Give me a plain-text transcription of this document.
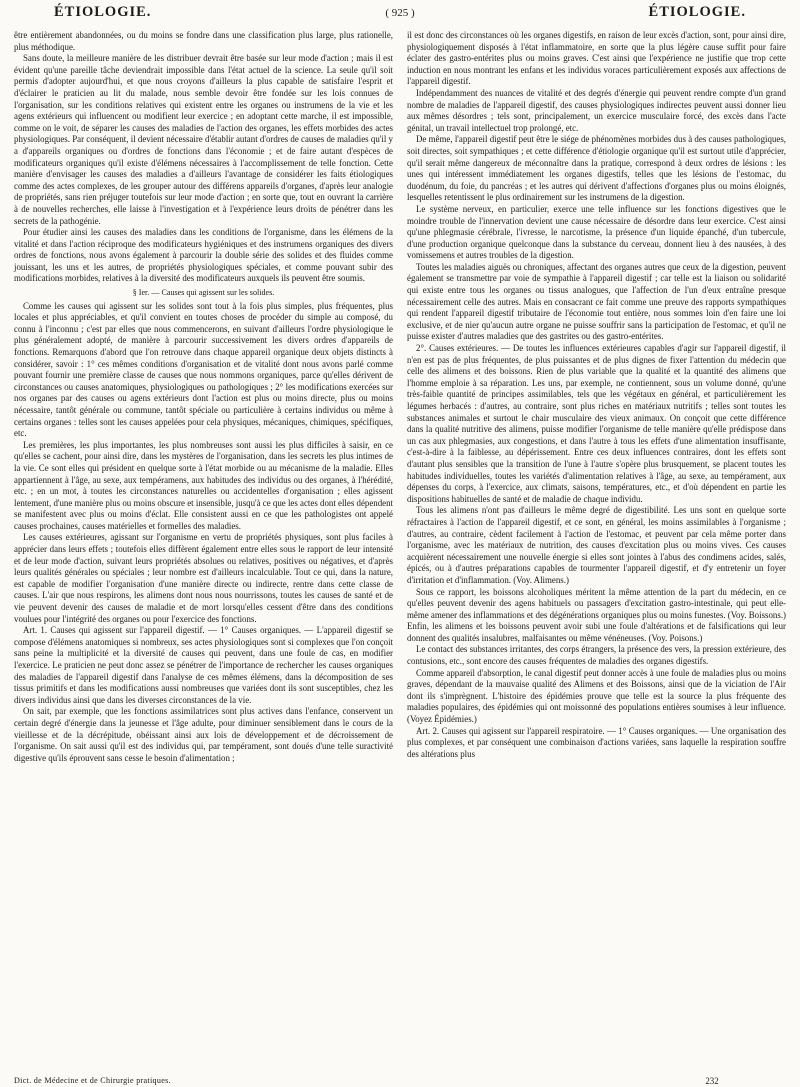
ÉTIOLOGIE.	( 925 )	ÉTIOLOGIE.

être entièrement abandonnées, ou du moins se fondre dans une classification plus large, plus rationelle, plus méthodique.

Sans doute, la meilleure manière de les distribuer devrait être basée sur leur mode d'action ; mais il est évident qu'une pareille tâche deviendrait impossible dans l'état actuel de la science. La seule qu'il soit permis d'adopter aujourd'hui, et que nous croyons d'ailleurs la plus capable de satisfaire l'esprit et d'éclairer le praticien au lit du malade, nous semble devoir être fondée sur les lois connues de l'organisation, sur les conditions relatives qui existent entre les organes ou instrumens de la vie et les agens extérieurs qui influencent ou modifient leur exercice ; en adoptant cette marche, il est impossible, comme on le voit, de séparer les causes des maladies de l'action des organes, les effets morbides des actes physiologiques. Par conséquent, il devient nécessaire d'établir autant d'ordres de causes de maladies qu'il y a d'appareils organiques ou d'ordres de fonctions dans l'économie ; et de faire autant d'espèces de modificateurs organiques qu'il existe d'élémens nécessaires à l'accomplissement de telle fonction. Cette manière d'envisager les causes des maladies a d'ailleurs l'avantage de considérer les faits étiologiques comme des actes complexes, de les grouper autour des différens appareils d'organes, d'après leur analogie de propriétés, sans rien préjuger toutefois sur leur mode d'action ; en sorte que, tout en ouvrant la carrière à de nouvelles recherches, elle laisse à l'investigation et à l'expérience leurs droits de pénétrer dans les secrets de la pathogénie.

Pour étudier ainsi les causes des maladies dans les conditions de l'organisme, dans les élémens de la vitalité et dans l'action réciproque des modificateurs hygiéniques et des instrumens organiques des divers ordres de fonctions, nous avons également à parcourir la double série des solides et des fluides comme jouissant, les uns et les autres, de propriétés physiologiques spéciales, et comme pouvant subir des modifications morbides, relatives à la diversité des modificateurs auxquels ils peuvent être soumis.

§ Ier. — Causes qui agissent sur les solides.

Comme les causes qui agissent sur les solides sont tout à la fois plus simples, plus fréquentes, plus locales et plus appréciables, et qu'il convient en toutes choses de procéder du simple au composé, du connu à l'inconnu ; c'est par elles que nous commencerons, en suivant d'ailleurs l'ordre physiologique le plus généralement adopté, de manière à parcourir successivement les divers ordres d'appareils de fonctions. Remarquons d'abord que l'on retrouve dans chaque appareil organique deux objets distincts à considérer, savoir : 1° ces mêmes conditions d'organisation et de vitalité dont nous avons parlé comme pouvant fournir une première classe de causes que nous nommons organiques, parce qu'elles dérivent de circonstances ou causes anatomiques, physiologiques ou pathologiques ; 2° les modifications exercées sur nos organes par des causes ou agens extérieurs dont l'action est plus ou moins directe, plus ou moins nécessaire, tantôt générale ou commune, tantôt spéciale ou particulière à certains individus ou même à certains organes : telles sont les causes appelées pour cela physiques, mécaniques, chimiques, spécifiques, etc.

Les premières, les plus importantes, les plus nombreuses sont aussi les plus difficiles à saisir, en ce qu'elles se cachent, pour ainsi dire, dans les mystères de l'organisation, dans les secrets les plus intimes de la vie. Ce sont elles qui président en quelque sorte à l'état morbide ou au mécanisme de la maladie. Elles appartiennent à l'âge, au sexe, aux tempéramens, aux habitudes des individus ou des organes, à l'hérédité, etc. ; en un mot, à toutes les circonstances naturelles ou accidentelles d'organisation ; elles agissent lentement, d'une manière plus ou moins obscure et insensible, jusqu'à ce que les actes dont elles dépendent se manifestent avec plus ou moins d'éclat. Elle consistent aussi en ce que les pathologistes ont appelé causes prochaines, causes matérielles et formelles des maladies.

Les causes extérieures, agissant sur l'organisme en vertu de propriétés physiques, sont plus faciles à apprécier dans leurs effets ; toutefois elles diffèrent également entre elles sous le rapport de leur intensité et de leur mode d'action, suivant leurs propriétés absolues ou relatives, positives ou négatives, et d'après leurs qualités générales ou spéciales ; leur nombre est d'ailleurs incalculable. Tout ce qui, dans la nature, est capable de modifier l'organisation d'une manière directe ou indirecte, rentre dans cette classe de causes. L'air que nous respirons, les alimens dont nous nous nourrissons, toutes les causes de santé et de vie peuvent devenir des causes de maladie et de mort lorsqu'elles cessent d'être dans des conditions voulues pour l'intégrité des organes ou pour l'exercice des fonctions.

Art. 1. Causes qui agissent sur l'appareil digestif. — 1° Causes organiques. — L'appareil digestif se compose d'élémens anatomiques si nombreux, ses actes physiologiques sont si complexes que l'on conçoit sans peine la multiplicité et la diversité de causes qui peuvent, dans une foule de cas, en modifier l'exercice. Le praticien ne peut donc assez se pénétrer de l'importance de rechercher les causes organiques des maladies de l'appareil digestif dans l'analyse de ces mêmes élémens, dans la décomposition de ses tissus primitifs et dans les modifications aussi nombreuses que variées dont ils sont susceptibles, chez les divers individus ainsi que dans les diverses circonstances de la vie.

On sait, par exemple, que les fonctions assimilatrices sont plus actives dans l'enfance, conservent un certain degré d'énergie dans la jeunesse et l'âge adulte, pour diminuer sensiblement dans le cours de la vieillesse et de la décrépitude, obéissant ainsi aux lois de développement et de décroissement de l'organisme. On sait aussi qu'il est des individus qui, par tempérament, sont doués d'une telle suractivité digestive qu'ils éprouvent sans cesse le besoin d'alimentation ;

il est donc des circonstances où les organes digestifs, en raison de leur excès d'action, sont, pour ainsi dire, physiologiquement disposés à l'état inflammatoire, en sorte que la plus légère cause suffit pour faire éclater des gastro-entérites plus ou moins graves. C'est ainsi que l'expérience ne justifie que trop cette induction en nous montrant les enfans et les individus voraces particulièrement exposés aux affections de l'appareil digestif.

Indépendamment des nuances de vitalité et des degrés d'énergie qui peuvent rendre compte d'un grand nombre de maladies de l'appareil digestif, des causes physiologiques indirectes peuvent aussi donner lieu aux mêmes désordres ; tels sont, principalement, un exercice musculaire forcé, des excès dans l'acte génital, un travail intellectuel trop prolongé, etc.

De même, l'appareil digestif peut être le siége de phénomènes morbides dus à des causes pathologiques, soit directes, soit sympathiques ; et cette différence d'étiologie organique qu'il est surtout utile d'apprécier, qu'il serait même dangereux de méconnaître dans la pratique, correspond à deux ordres de lésions : les unes qui intéressent immédiatement les organes digestifs, telles que les lésions de l'estomac, du duodénum, du foie, du pancréas ; et les autres qui dérivent d'affections d'organes plus ou moins éloignés, lesquelles retentissent le plus ordinairement sur les instrumens de la digestion.

Le système nerveux, en particulier, exerce une telle influence sur les fonctions digestives que le moindre trouble de l'innervation devient une cause nécessaire de désordre dans leur exercice. C'est ainsi qu'une phlegmasie cérébrale, l'ivresse, le narcotisme, la présence d'un liquide épanché, d'un tubercule, d'une production organique quelconque dans la substance du cerveau, donnent lieu à des nausées, à des vomissemens et autres troubles de la digestion.

Toutes les maladies aiguës ou chroniques, affectant des organes autres que ceux de la digestion, peuvent également se transmettre par voie de sympathie à l'appareil digestif ; car telle est la liaison ou solidarité qui existe entre tous les organes ou tissus analogues, que l'affection de l'un d'eux entraîne presque nécessairement celle des autres. Mais en consacrant ce fait comme une preuve des rapports sympathiques qui rendent l'appareil digestif tributaire de l'économie tout entière, nous sommes loin d'en faire une loi exclusive, et de nier qu'aucun autre organe ne puisse souffrir sans la participation de l'estomac, et qu'il ne puisse exister d'autres maladies que des gastrites ou des gastro-entérites.

2°. Causes extérieures. — De toutes les influences extérieures capables d'agir sur l'appareil digestif, il n'en est pas de plus fréquentes, de plus puissantes et de plus dignes de fixer l'attention du médecin que celle des alimens et des boissons. Rien de plus variable que la qualité et la quantité des alimens que l'homme emploie à sa réparation. Les uns, par exemple, ne contiennent, sous un volume donné, qu'une très-faible quantité de principes assimilables, tels que les végétaux en général, et particulièrement les légumes herbacés : d'autres, au contraire, sont plus riches en matériaux nutritifs ; telles sont toutes les substances animales et surtout le chair musculaire des vieux animaux. On conçoit que cette différence dans la qualité nutritive des alimens, puisse modifier l'organisme de telle manière qu'elle prédispose dans un cas aux phlegmasies, aux congestions, et dans l'autre à tous les effets d'une alimentation insuffisante, c'est-à-dire à la faiblesse, au dépérissement. Entre ces deux influences contraires, dont les effets sont d'autant plus sensibles que la transition de l'une à l'autre s'opère plus brusquement, se placent toutes les habitudes individuelles, toutes les variétés d'alimentation relatives à l'âge, au sexe, au tempérament, aux dépenses du corps, à l'exercice, aux climats, saisons, températures, etc., et d'où dépendent en partie les dispositions habituelles de santé et de maladie de chaque individu.

Tous les alimens n'ont pas d'ailleurs le même degré de digestibilité. Les uns sont en quelque sorte réfractaires à l'action de l'appareil digestif, et ce sont, en général, les moins assimilables à l'organisme ; d'autres, au contraire, cèdent facilement à l'action de l'estomac, et peuvent par cela même porter dans l'organisme, avec les matériaux de nutrition, des causes d'excitation plus ou moins vives. Ces causes acquièrent nécessairement une nouvelle énergie si elles sont jointes à l'abus des condimens acides, salés, épicés, ou à d'autres préparations capables de tourmenter l'appareil digestif, et d'y entretenir un foyer d'irritation et d'inflammation. (Voy. Alimens.)

Sous ce rapport, les boissons alcoholiques méritent la même attention de la part du médecin, en ce qu'elles peuvent devenir des agens habituels ou passagers d'excitation gastro-intestinale, qui peut elle-même amener des inflammations et des dégénérations organiques plus ou moins funestes. (Voy. Boissons.) Enfin, les alimens et les boissons peuvent avoir subi une foule d'altérations et de falsifications qui leur donnent des qualités insalubres, malfaisantes ou même vénéneuses. (Voy. Poisons.)

Le contact des substances irritantes, des corps étrangers, la présence des vers, la pression extérieure, des contusions, etc., sont encore des causes fréquentes de maladies des organes digestifs.

Comme appareil d'absorption, le canal digestif peut donner accès à une foule de maladies plus ou moins graves, dépendant de la mauvaise qualité des Alimens et des Boissons, ainsi que de la viciation de l'Air dont ils s'imprègnent. L'histoire des épidémies prouve que telle est la source la plus fréquente des maladies populaires, des épidémies qui ont moissonné des populations entières soumises à leur influence. (Voyez Épidémies.)

Art. 2. Causes qui agissent sur l'appareil respiratoire. — 1° Causes organiques. — Une organisation des plus complexes, et par conséquent une combinaison d'actions variées, sans laquelle la respiration souffre des altérations plus

Dict. de Médecine et de Chirurgie pratiques.	232
